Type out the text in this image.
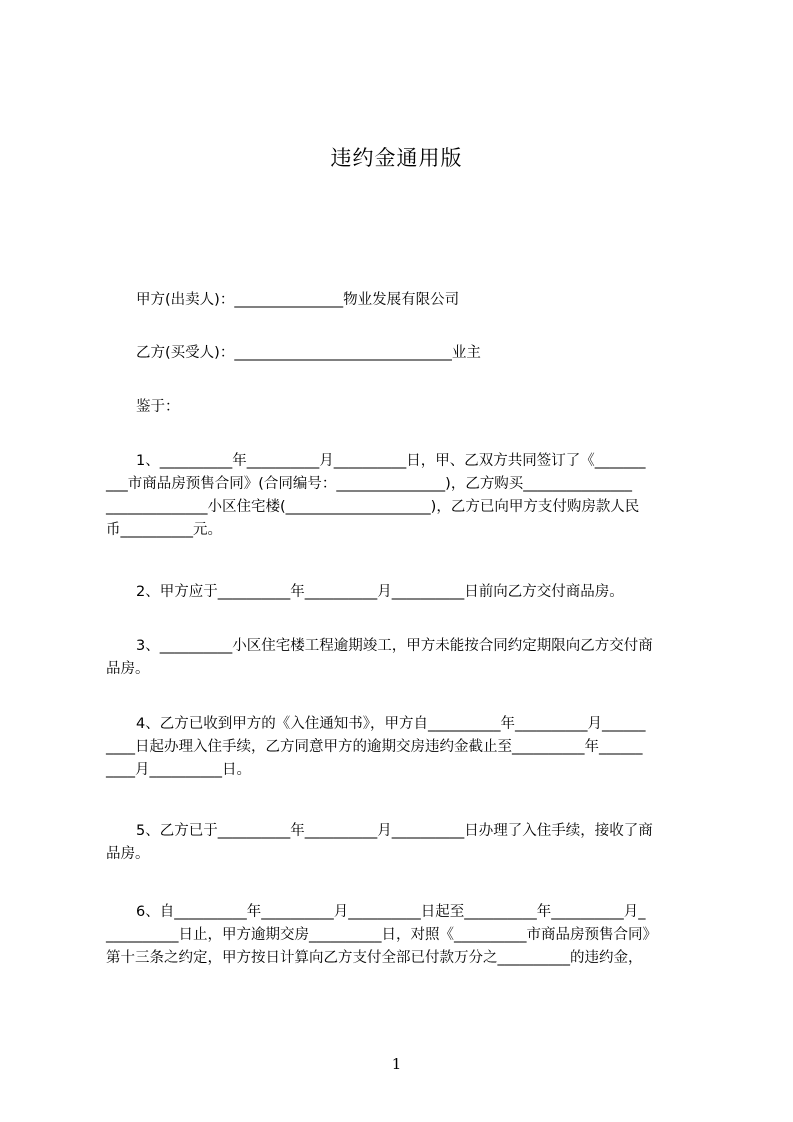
违约金通用版
甲方(出卖人)：_______________物业发展有限公司
乙方(买受人)：______________________________业主
鉴于：
1、__________年__________月__________日，甲、乙双方共同签订了《_______
___市商品房预售合同》(合同编号：_______________)，乙方购买_______________
______________小区住宅楼(____________________)，乙方已向甲方支付购房款人民
币__________元。
2、甲方应于__________年__________月__________日前向乙方交付商品房。
3、__________小区住宅楼工程逾期竣工，甲方未能按合同约定期限向乙方交付商
品房。
4、乙方已收到甲方的《入住通知书》，甲方自__________年__________月______
____日起办理入住手续，乙方同意甲方的逾期交房违约金截止至__________年______
____月__________日。
5、乙方已于__________年__________月__________日办理了入住手续，接收了商
品房。
6、自__________年__________月__________日起至__________年__________月_
__________日止，甲方逾期交房__________日，对照《__________市商品房预售合同》
第十三条之约定，甲方按日计算向乙方支付全部已付款万分之__________的违约金，
1
